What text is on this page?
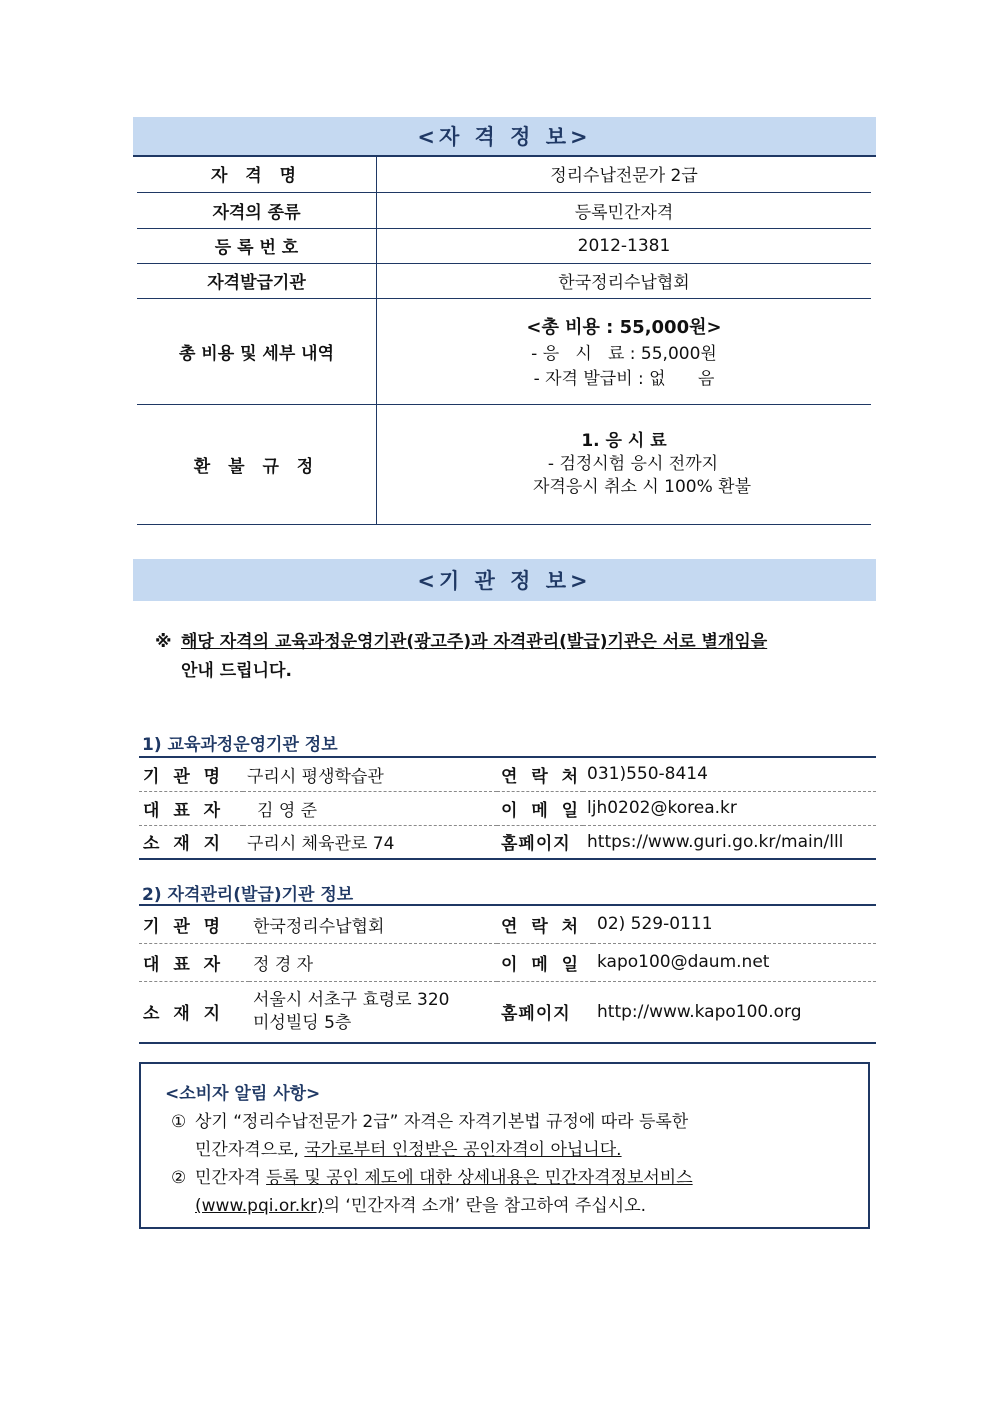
<자 격 정 보>
자 격 명	정리수납전문가 2급
자격의 종류	등록민간자격
등 록 번 호	2012-1381
자격발급기관	한국정리수납협회
총 비용 및 세부 내역	<총 비용 : 55,000원>
- 응   시   료 : 55,000원
- 자격 발급비 : 없      음

환 불 규 정	1. 응 시 료
- 검정시험 응시 전까지
자격응시 취소 시 100% 환불
<기 관 정 보>
※ 해당 자격의 교육과정운영기관(광고주)과 자격관리(발급)기관은 서로 별개임을
안내 드립니다.
1) 교육과정운영기관 정보
기 관 명	구리시 평생학습관	연 락 처	031)550-8414
대 표 자	김 영 준	이 메 일	ljh0202@korea.kr
소 재 지	구리시 체육관로 74	홈페이지	https://www.guri.go.kr/main/lll
2) 자격관리(발급)기관 정보
기 관 명	한국정리수납협회	연 락 처	02) 529-0111
대 표 자	정 경 자	이 메 일	kapo100@daum.net
소 재 지	서울시 서초구 효령로 320
미성빌딩 5층	홈페이지	http://www.kapo100.org
<소비자 알림 사항>
① 상기 “정리수납전문가 2급” 자격은 자격기본법 규정에 따라 등록한
민간자격으로, 국가로부터 인정받은 공인자격이 아닙니다.
② 민간자격 등록 및 공인 제도에 대한 상세내용은 민간자격정보서비스
(www.pqi.or.kr)의 ‘민간자격 소개’ 란을 참고하여 주십시오.
